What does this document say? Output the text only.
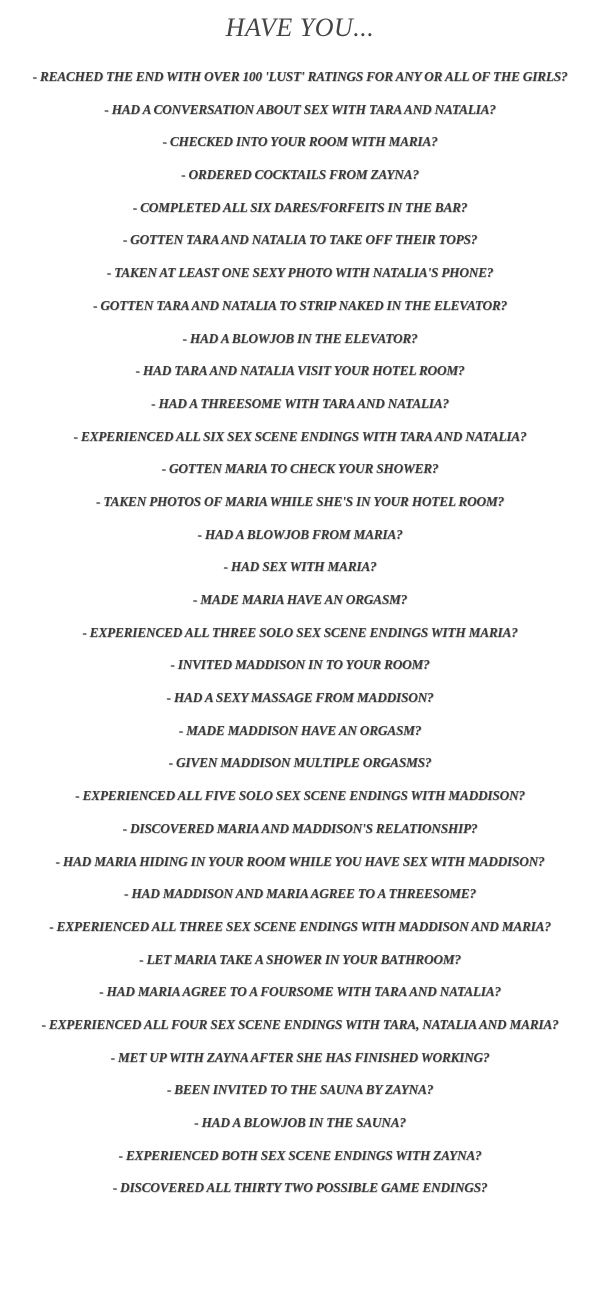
HAVE YOU...
- REACHED THE END WITH OVER 100 'LUST' RATINGS FOR ANY OR ALL OF THE GIRLS?
- HAD A CONVERSATION ABOUT SEX WITH TARA AND NATALIA?
- CHECKED INTO YOUR ROOM WITH MARIA?
- ORDERED COCKTAILS FROM ZAYNA?
- COMPLETED ALL SIX DARES/FORFEITS IN THE BAR?
- GOTTEN TARA AND NATALIA TO TAKE OFF THEIR TOPS?
- TAKEN AT LEAST ONE SEXY PHOTO WITH NATALIA'S PHONE?
- GOTTEN TARA AND NATALIA TO STRIP NAKED IN THE ELEVATOR?
- HAD A BLOWJOB IN THE ELEVATOR?
- HAD TARA AND NATALIA VISIT YOUR HOTEL ROOM?
- HAD A THREESOME WITH TARA AND NATALIA?
- EXPERIENCED ALL SIX SEX SCENE ENDINGS WITH TARA AND NATALIA?
- GOTTEN MARIA TO CHECK YOUR SHOWER?
- TAKEN PHOTOS OF MARIA WHILE SHE'S IN YOUR HOTEL ROOM?
- HAD A BLOWJOB FROM MARIA?
- HAD SEX WITH MARIA?
- MADE MARIA HAVE AN ORGASM?
- EXPERIENCED ALL THREE SOLO SEX SCENE ENDINGS WITH MARIA?
- INVITED MADDISON IN TO YOUR ROOM?
- HAD A SEXY MASSAGE FROM MADDISON?
- MADE MADDISON HAVE AN ORGASM?
- GIVEN MADDISON MULTIPLE ORGASMS?
- EXPERIENCED ALL FIVE SOLO SEX SCENE ENDINGS WITH MADDISON?
- DISCOVERED MARIA AND MADDISON'S RELATIONSHIP?
- HAD MARIA HIDING IN YOUR ROOM WHILE YOU HAVE SEX WITH MADDISON?
- HAD MADDISON AND MARIA AGREE TO A THREESOME?
- EXPERIENCED ALL THREE SEX SCENE ENDINGS WITH MADDISON AND MARIA?
- LET MARIA TAKE A SHOWER IN YOUR BATHROOM?
- HAD MARIA AGREE TO A FOURSOME WITH TARA AND NATALIA?
- EXPERIENCED ALL FOUR SEX SCENE ENDINGS WITH TARA, NATALIA AND MARIA?
- MET UP WITH ZAYNA AFTER SHE HAS FINISHED WORKING?
- BEEN INVITED TO THE SAUNA BY ZAYNA?
- HAD A BLOWJOB IN THE SAUNA?
- EXPERIENCED BOTH SEX SCENE ENDINGS WITH ZAYNA?
- DISCOVERED ALL THIRTY TWO POSSIBLE GAME ENDINGS?
